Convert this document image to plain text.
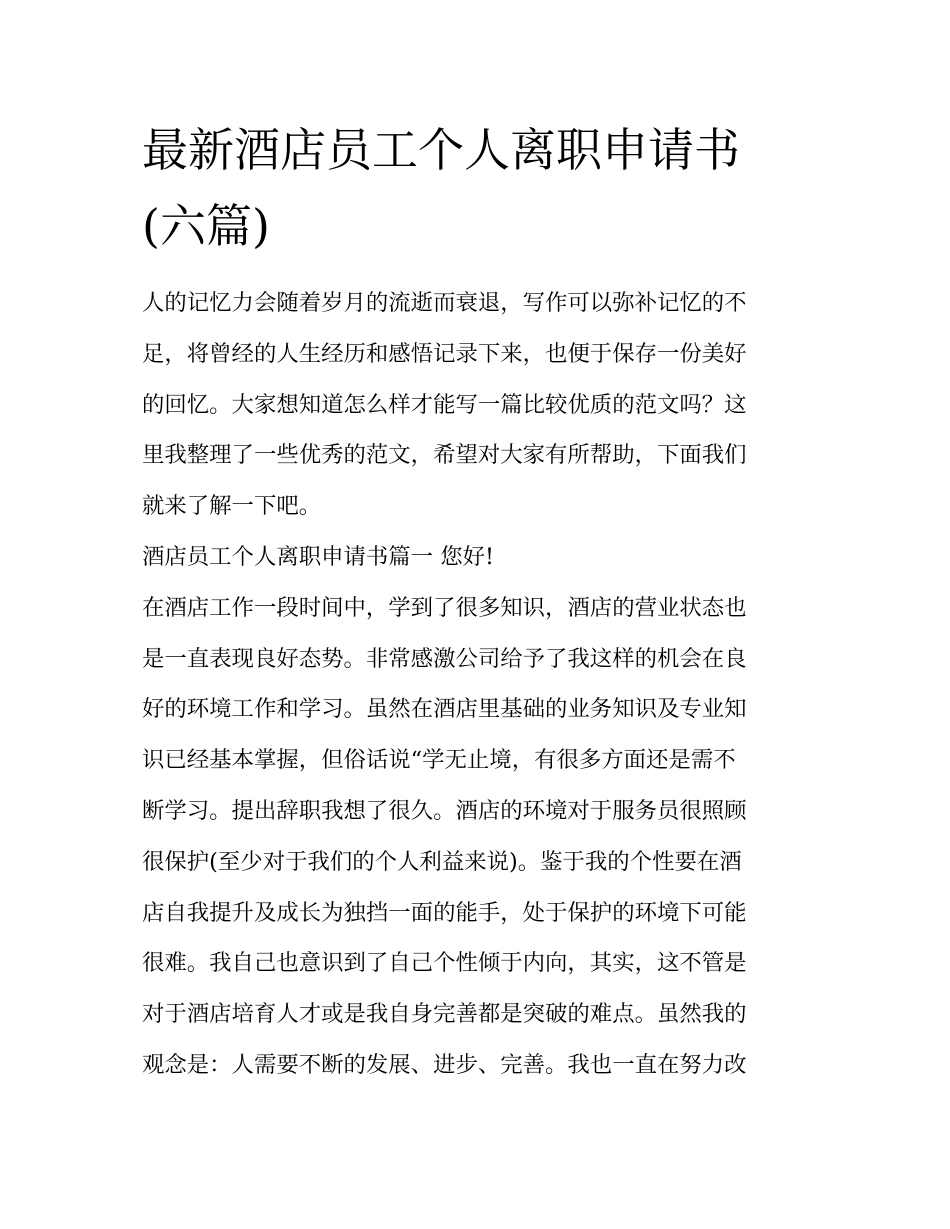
最新酒店员工个人离职申请书
(六篇)
人的记忆力会随着岁月的流逝而衰退，写作可以弥补记忆的不
足，将曾经的人生经历和感悟记录下来，也便于保存一份美好
的回忆。大家想知道怎么样才能写一篇比较优质的范文吗？这
里我整理了一些优秀的范文，希望对大家有所帮助，下面我们
就来了解一下吧。
酒店员工个人离职申请书篇一 您好!
在酒店工作一段时间中，学到了很多知识，酒店的营业状态也
是一直表现良好态势。非常感激公司给予了我这样的机会在良
好的环境工作和学习。虽然在酒店里基础的业务知识及专业知
识已经基本掌握，但俗话说“学无止境，有很多方面还是需不
断学习。提出辞职我想了很久。酒店的环境对于服务员很照顾
很保护(至少对于我们的个人利益来说)。鉴于我的个性要在酒
店自我提升及成长为独挡一面的能手，处于保护的环境下可能
很难。我自己也意识到了自己个性倾于内向，其实，这不管是
对于酒店培育人才或是我自身完善都是突破的难点。虽然我的
观念是：人需要不断的发展、进步、完善。我也一直在努力改
